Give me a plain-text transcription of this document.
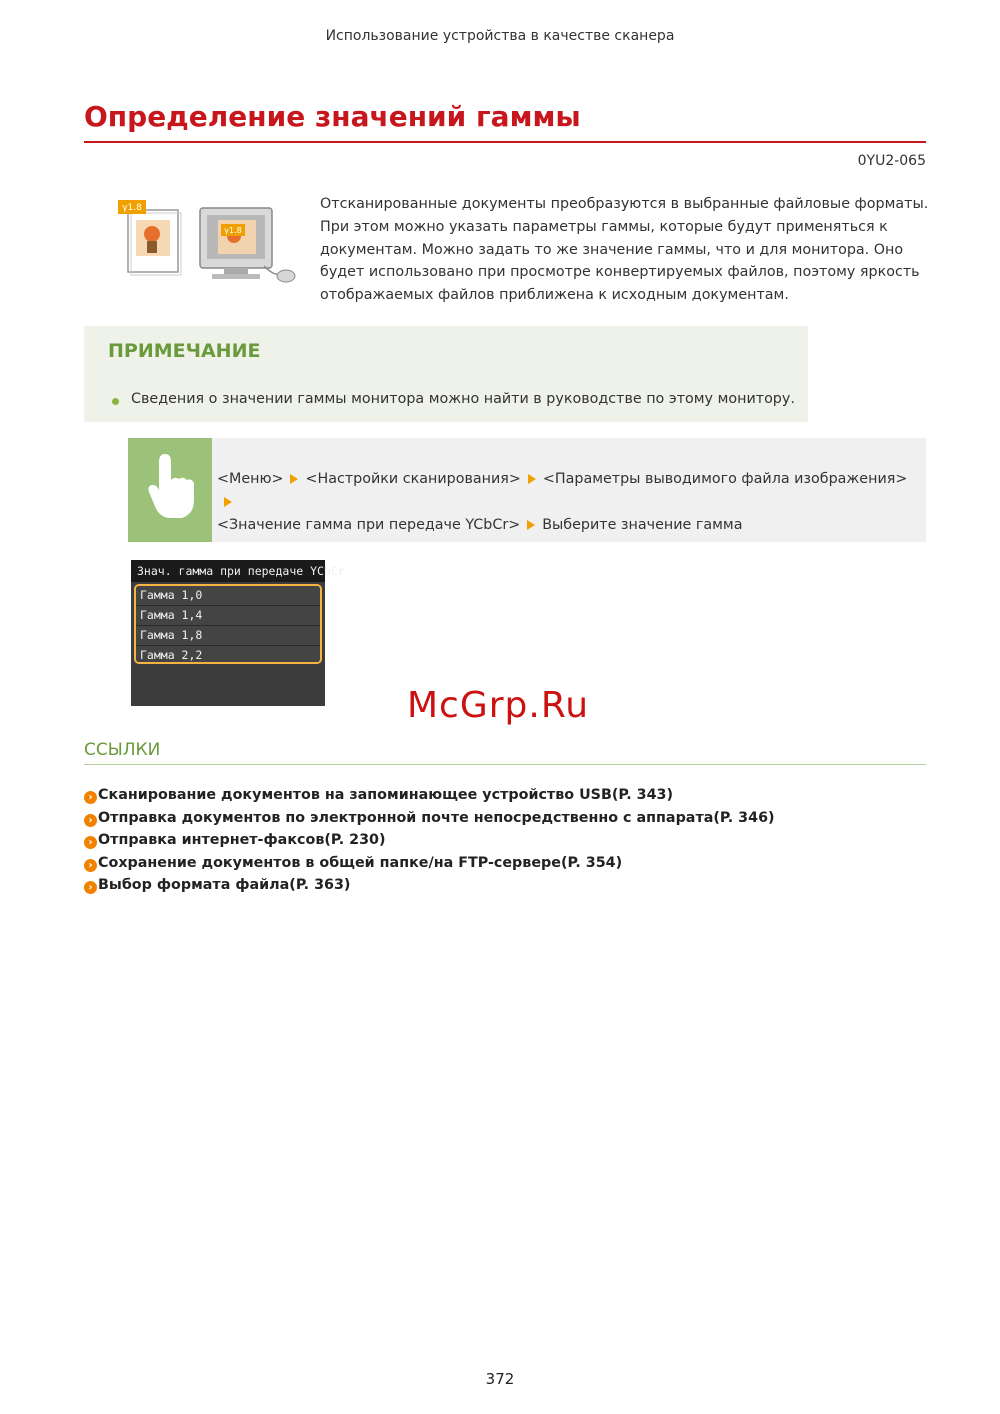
Использование устройства в качестве сканера
Определение значений гаммы
0YU2-065
γ1.8
γ1.8
Отсканированные документы преобразуются в выбранные файловые форматы. При этом можно указать параметры гаммы, которые будут применяться к документам. Можно задать то же значение гаммы, что и для монитора. Оно будет использовано при просмотре конвертируемых файлов, поэтому яркость отображаемых файлов приближена к исходным документам.
ПРИМЕЧАНИЕ
Сведения о значении гаммы монитора можно найти в руководстве по этому монитору.
<Меню> <Настройки сканирования> <Параметры выводимого файла изображения>
<Значение гамма при передаче YCbCr> Выберите значение гамма
Знач. гамма при передаче YCbCr
Гамма 1,0
Гамма 1,4
Гамма 1,8
Гамма 2,2
McGrp.Ru
ССЫЛКИ
› Сканирование документов на запоминающее устройство USB(P. 343)
› Отправка документов по электронной почте непосредственно с аппарата(P. 346)
› Отправка интернет-факсов(P. 230)
› Сохранение документов в общей папке/на FTP-сервере(P. 354)
› Выбор формата файла(P. 363)
372
